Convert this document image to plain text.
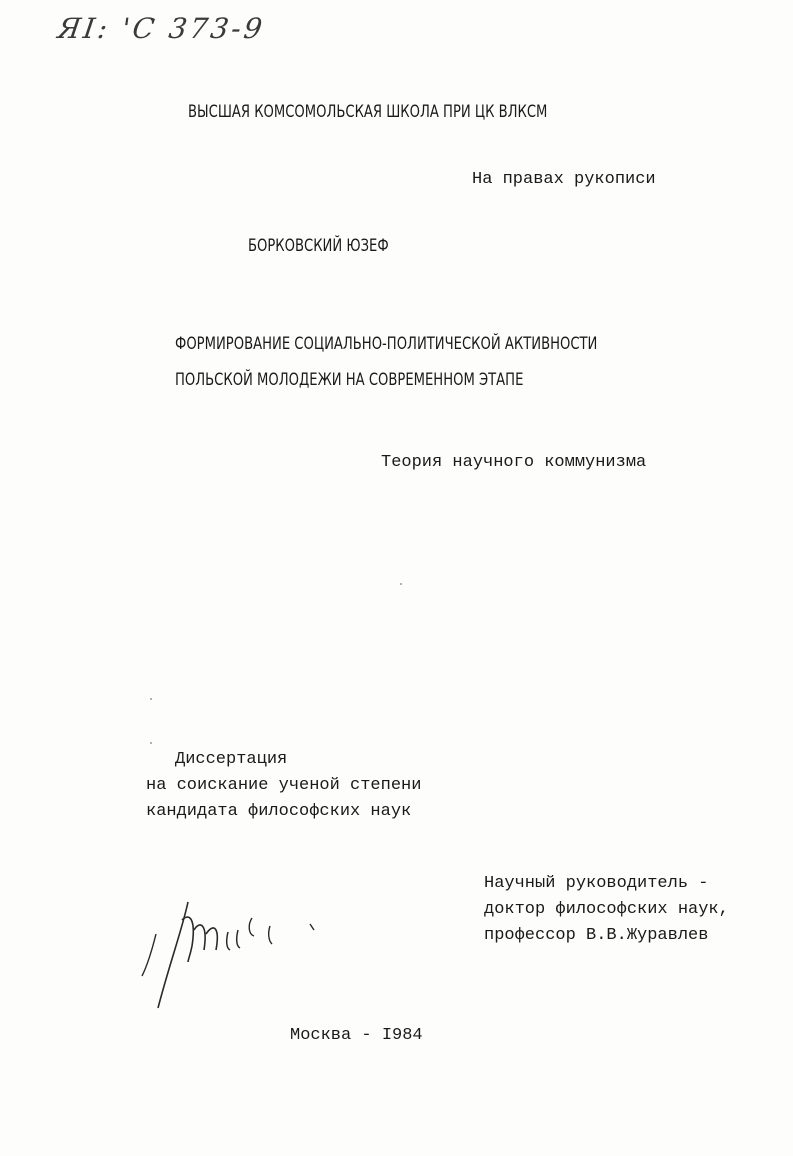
ЯІ: 'С 373-9
ВЫСШАЯ КОМСОМОЛЬСКАЯ ШКОЛА ПРИ ЦК ВЛКСМ
На правах рукописи
БОРКОВСКИЙ ЮЗЕФ
ФОРМИРОВАНИЕ СОЦИАЛЬНО-ПОЛИТИЧЕСКОЙ АКТИВНОСТИ
ПОЛЬСКОЙ МОЛОДЕЖИ НА СОВРЕМЕННОМ ЭТАПЕ
Теория научного коммунизма
Диссертация
на соискание ученой степени
кандидата философских наук
Научный руководитель -
доктор философских наук,
профессор В.В.Журавлев
Москва - I984
